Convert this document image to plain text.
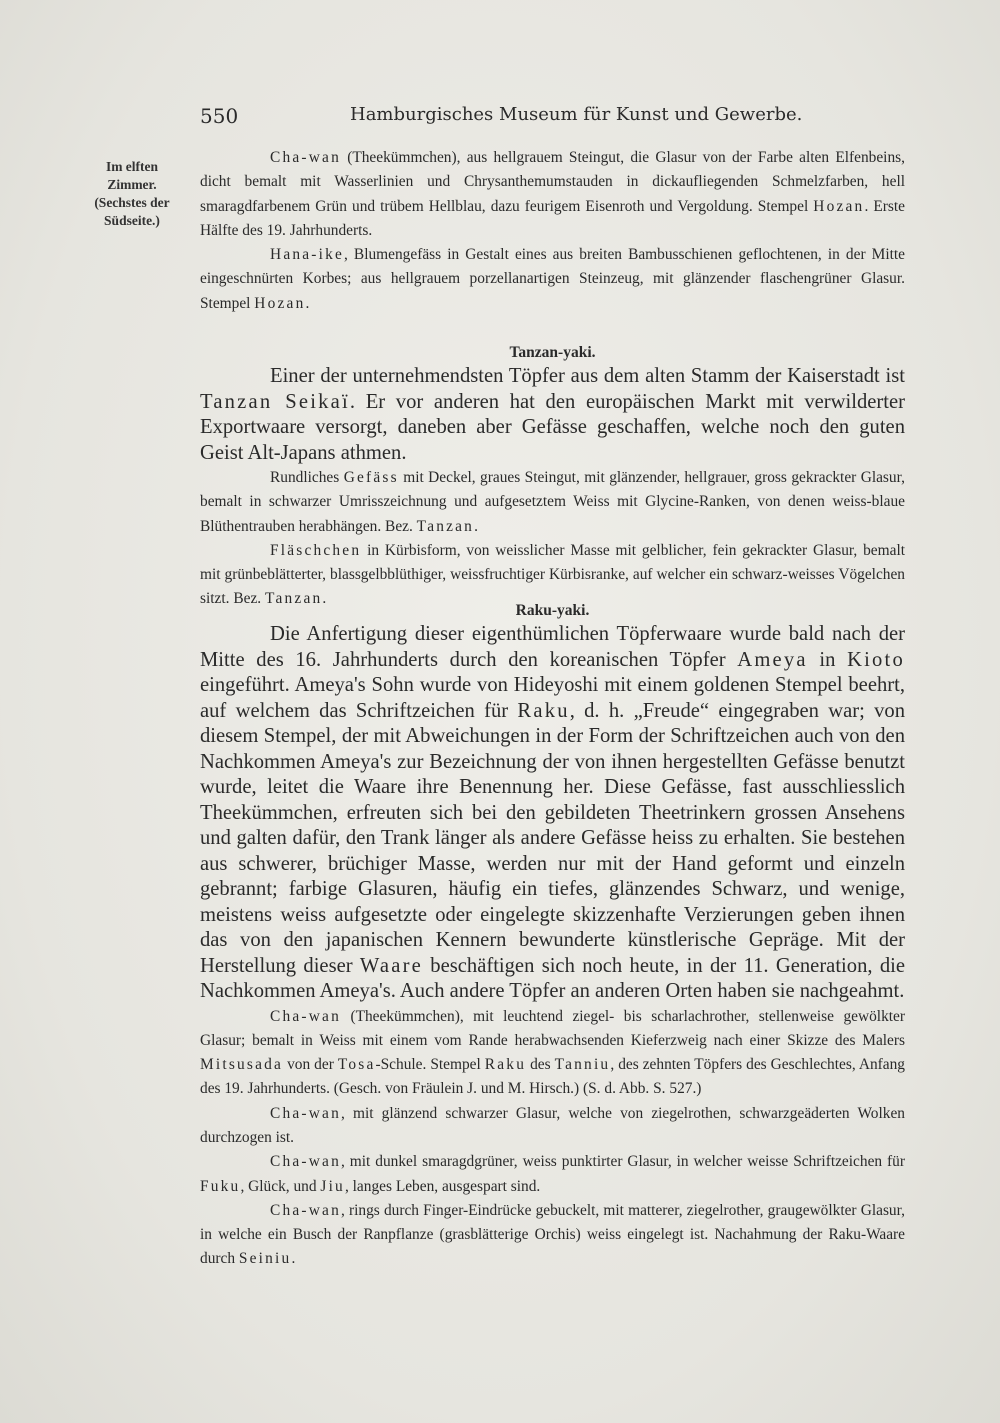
550	Hamburgisches Museum für Kunst und Gewerbe.
Im elften
Zimmer.
(Sechstes der
Südseite.)

Cha-wan (Theekümmchen), aus hellgrauem Steingut, die Glasur von der Farbe alten Elfenbeins, dicht bemalt mit Wasserlinien und Chrysanthemumstauden in dickaufliegenden Schmelzfarben, hell smaragdfarbenem Grün und trübem Hellblau, dazu feurigem Eisenroth und Vergoldung. Stempel Hozan. Erste Hälfte des 19. Jahrhunderts.

Hana-ike, Blumengefäss in Gestalt eines aus breiten Bambusschienen geflochtenen, in der Mitte eingeschnürten Korbes; aus hellgrauem porzellanartigen Steinzeug, mit glänzender flaschengrüner Glasur. Stempel Hozan.

Tanzan-yaki.

Einer der unternehmendsten Töpfer aus dem alten Stamm der Kaiserstadt ist Tanzan Seikaï. Er vor anderen hat den europäischen Markt mit verwilderter Exportwaare versorgt, daneben aber Gefässe geschaffen, welche noch den guten Geist Alt-Japans athmen.

Rundliches Gefäss mit Deckel, graues Steingut, mit glänzender, hellgrauer, gross gekrackter Glasur, bemalt in schwarzer Umrisszeichnung und aufgesetztem Weiss mit Glycine-Ranken, von denen weiss-blaue Blüthentrauben herabhängen. Bez. Tanzan.

Fläschchen in Kürbisform, von weisslicher Masse mit gelblicher, fein gekrackter Glasur, bemalt mit grünbeblätterter, blassgelbblüthiger, weissfruchtiger Kürbisranke, auf welcher ein schwarz-weisses Vögelchen sitzt. Bez. Tanzan.

Raku-yaki.

Die Anfertigung dieser eigenthümlichen Töpferwaare wurde bald nach der Mitte des 16. Jahrhunderts durch den koreanischen Töpfer Ameya in Kioto eingeführt. Ameya's Sohn wurde von Hideyoshi mit einem goldenen Stempel beehrt, auf welchem das Schriftzeichen für Raku, d. h. „Freude“ eingegraben war; von diesem Stempel, der mit Abweichungen in der Form der Schriftzeichen auch von den Nachkommen Ameya's zur Bezeichnung der von ihnen hergestellten Gefässe benutzt wurde, leitet die Waare ihre Benennung her. Diese Gefässe, fast ausschliesslich Theekümmchen, erfreuten sich bei den gebildeten Theetrinkern grossen Ansehens und galten dafür, den Trank länger als andere Gefässe heiss zu erhalten. Sie bestehen aus schwerer, brüchiger Masse, werden nur mit der Hand geformt und einzeln gebrannt; farbige Glasuren, häufig ein tiefes, glänzendes Schwarz, und wenige, meistens weiss aufgesetzte oder eingelegte skizzenhafte Verzierungen geben ihnen das von den japanischen Kennern bewunderte künstlerische Gepräge. Mit der Herstellung dieser Waare beschäftigen sich noch heute, in der 11. Generation, die Nachkommen Ameya's. Auch andere Töpfer an anderen Orten haben sie nachgeahmt.

Cha-wan (Theekümmchen), mit leuchtend ziegel- bis scharlachrother, stellenweise gewölkter Glasur; bemalt in Weiss mit einem vom Rande herabwachsenden Kieferzweig nach einer Skizze des Malers Mitsusada von der Tosa-Schule. Stempel Raku des Tanniu, des zehnten Töpfers des Geschlechtes, Anfang des 19. Jahrhunderts. (Gesch. von Fräulein J. und M. Hirsch.) (S. d. Abb. S. 527.)

Cha-wan, mit glänzend schwarzer Glasur, welche von ziegelrothen, schwarzgeäderten Wolken durchzogen ist.

Cha-wan, mit dunkel smaragdgrüner, weiss punktirter Glasur, in welcher weisse Schriftzeichen für Fuku, Glück, und Jiu, langes Leben, ausgespart sind.

Cha-wan, rings durch Finger-Eindrücke gebuckelt, mit matterer, ziegelrother, graugewölkter Glasur, in welche ein Busch der Ranpflanze (grasblätterige Orchis) weiss eingelegt ist. Nachahmung der Raku-Waare durch Seiniu.
